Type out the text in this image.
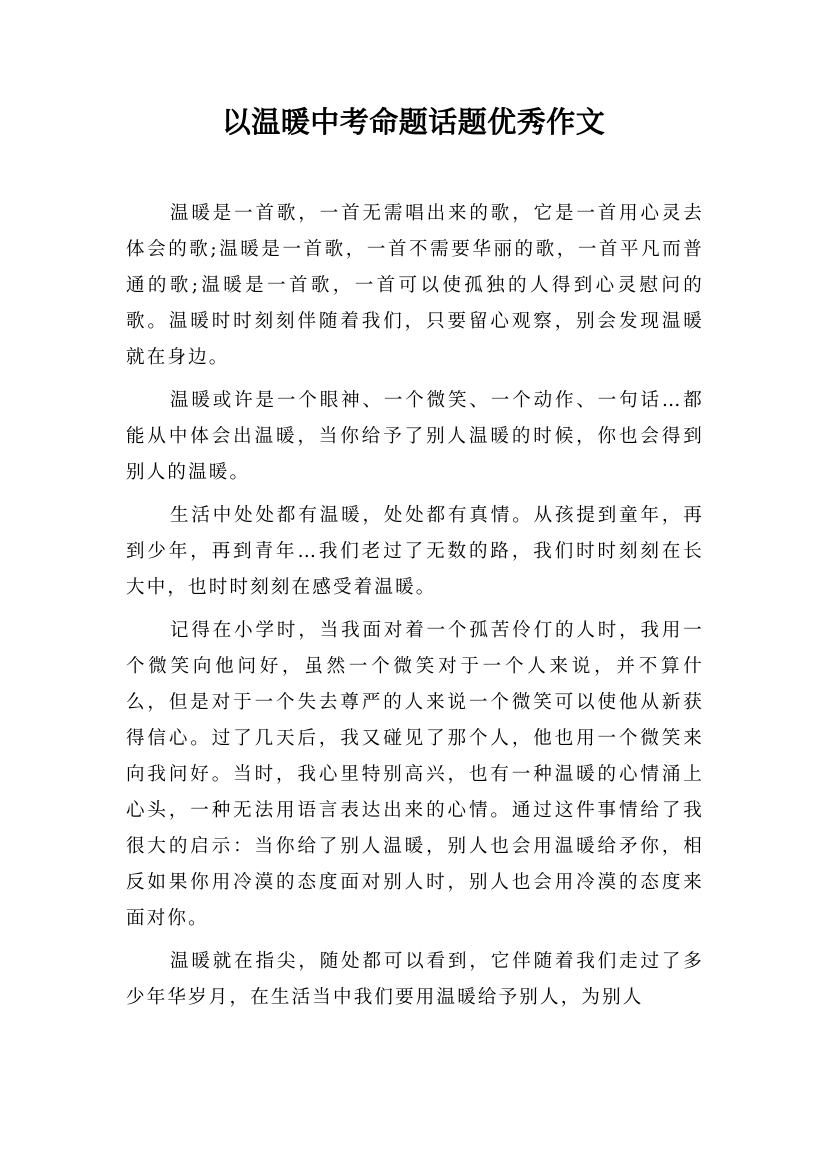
以温暖中考命题话题优秀作文

温暖是一首歌，一首无需唱出来的歌，它是一首用心灵去体会的歌;温暖是一首歌，一首不需要华丽的歌，一首平凡而普通的歌;温暖是一首歌，一首可以使孤独的人得到心灵慰问的歌。温暖时时刻刻伴随着我们，只要留心观察，别会发现温暖就在身边。

温暖或许是一个眼神、一个微笑、一个动作、一句话…都能从中体会出温暖，当你给予了别人温暖的时候，你也会得到别人的温暖。

生活中处处都有温暖，处处都有真情。从孩提到童年，再到少年，再到青年…我们老过了无数的路，我们时时刻刻在长大中，也时时刻刻在感受着温暖。

记得在小学时，当我面对着一个孤苦伶仃的人时，我用一个微笑向他问好，虽然一个微笑对于一个人来说，并不算什么，但是对于一个失去尊严的人来说一个微笑可以使他从新获得信心。过了几天后，我又碰见了那个人，他也用一个微笑来向我问好。当时，我心里特别高兴，也有一种温暖的心情涌上心头，一种无法用语言表达出来的心情。通过这件事情给了我很大的启示：当你给了别人温暖，别人也会用温暖给矛你，相反如果你用冷漠的态度面对别人时，别人也会用冷漠的态度来面对你。

温暖就在指尖，随处都可以看到，它伴随着我们走过了多少年华岁月，在生活当中我们要用温暖给予别人，为别人
